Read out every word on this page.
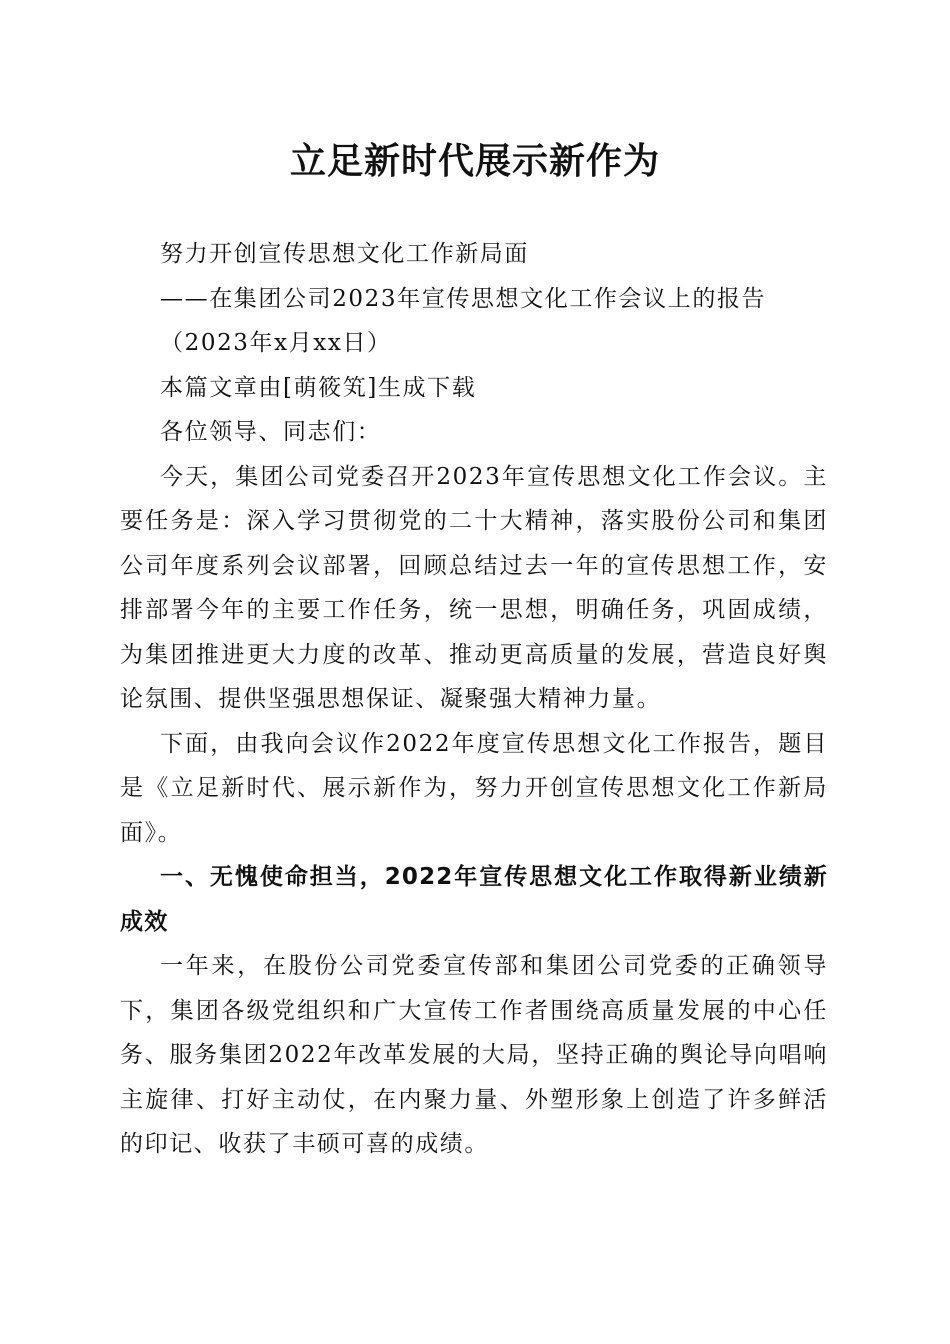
立足新时代展示新作为

努力开创宣传思想文化工作新局面

——在集团公司2023年宣传思想文化工作会议上的报告

（2023年x月xx日）

本篇文章由[萌筱笂]生成下载

各位领导、同志们：

今天，集团公司党委召开2023年宣传思想文化工作会议。主要任务是：深入学习贯彻党的二十大精神，落实股份公司和集团公司年度系列会议部署，回顾总结过去一年的宣传思想工作，安排部署今年的主要工作任务，统一思想，明确任务，巩固成绩，为集团推进更大力度的改革、推动更高质量的发展，营造良好舆论氛围、提供坚强思想保证、凝聚强大精神力量。

下面，由我向会议作2022年度宣传思想文化工作报告，题目是《立足新时代、展示新作为，努力开创宣传思想文化工作新局面》。

一、无愧使命担当，2022年宣传思想文化工作取得新业绩新成效

一年来，在股份公司党委宣传部和集团公司党委的正确领导下，集团各级党组织和广大宣传工作者围绕高质量发展的中心任务、服务集团2022年改革发展的大局，坚持正确的舆论导向唱响主旋律、打好主动仗，在内聚力量、外塑形象上创造了许多鲜活的印记、收获了丰硕可喜的成绩。
